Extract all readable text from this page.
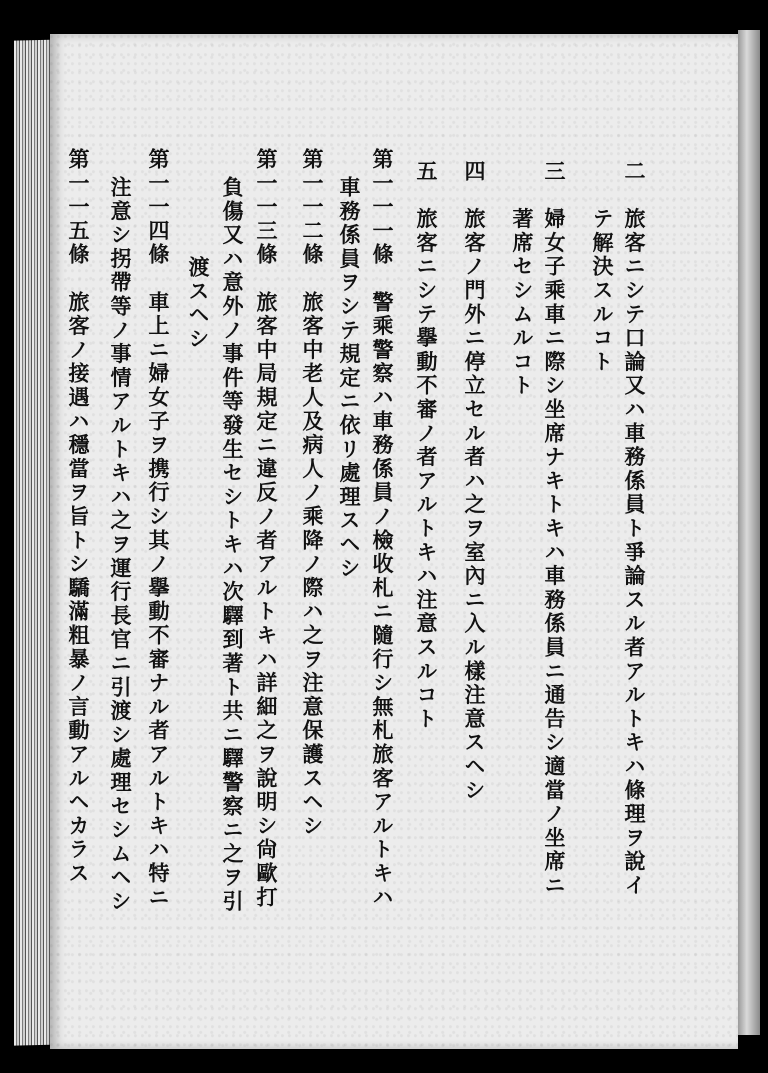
二　旅客ニシテ口論又ハ車務係員ト爭論スル者アルトキハ條理ヲ說イ
　　テ解決スルコト
三　婦女子乘車ニ際シ坐席ナキトキハ車務係員ニ通告シ適當ノ坐席ニ
　　著席セシムルコト
四　旅客ノ門外ニ停立セル者ハ之ヲ室內ニ入ル樣注意スヘシ
五　旅客ニシテ擧動不審ノ者アルトキハ注意スルコト
第一一一條　警乘警察ハ車務係員ノ檢收札ニ隨行シ無札旅客アルトキハ
車務係員ヲシテ規定ニ依リ處理スヘシ
第一一二條　旅客中老人及病人ノ乘降ノ際ハ之ヲ注意保護スヘシ
第一一三條　旅客中局規定ニ違反ノ者アルトキハ詳細之ヲ說明シ尙歐打
負傷又ハ意外ノ事件等發生セシトキハ次驛到著ト共ニ驛警察ニ之ヲ引
渡スヘシ
第一一四條　車上ニ婦女子ヲ携行シ其ノ擧動不審ナル者アルトキハ特ニ
注意シ拐帶等ノ事情アルトキハ之ヲ運行長官ニ引渡シ處理セシムヘシ
第一一五條　旅客ノ接遇ハ穩當ヲ旨トシ驕滿粗暴ノ言動アルヘカラス
